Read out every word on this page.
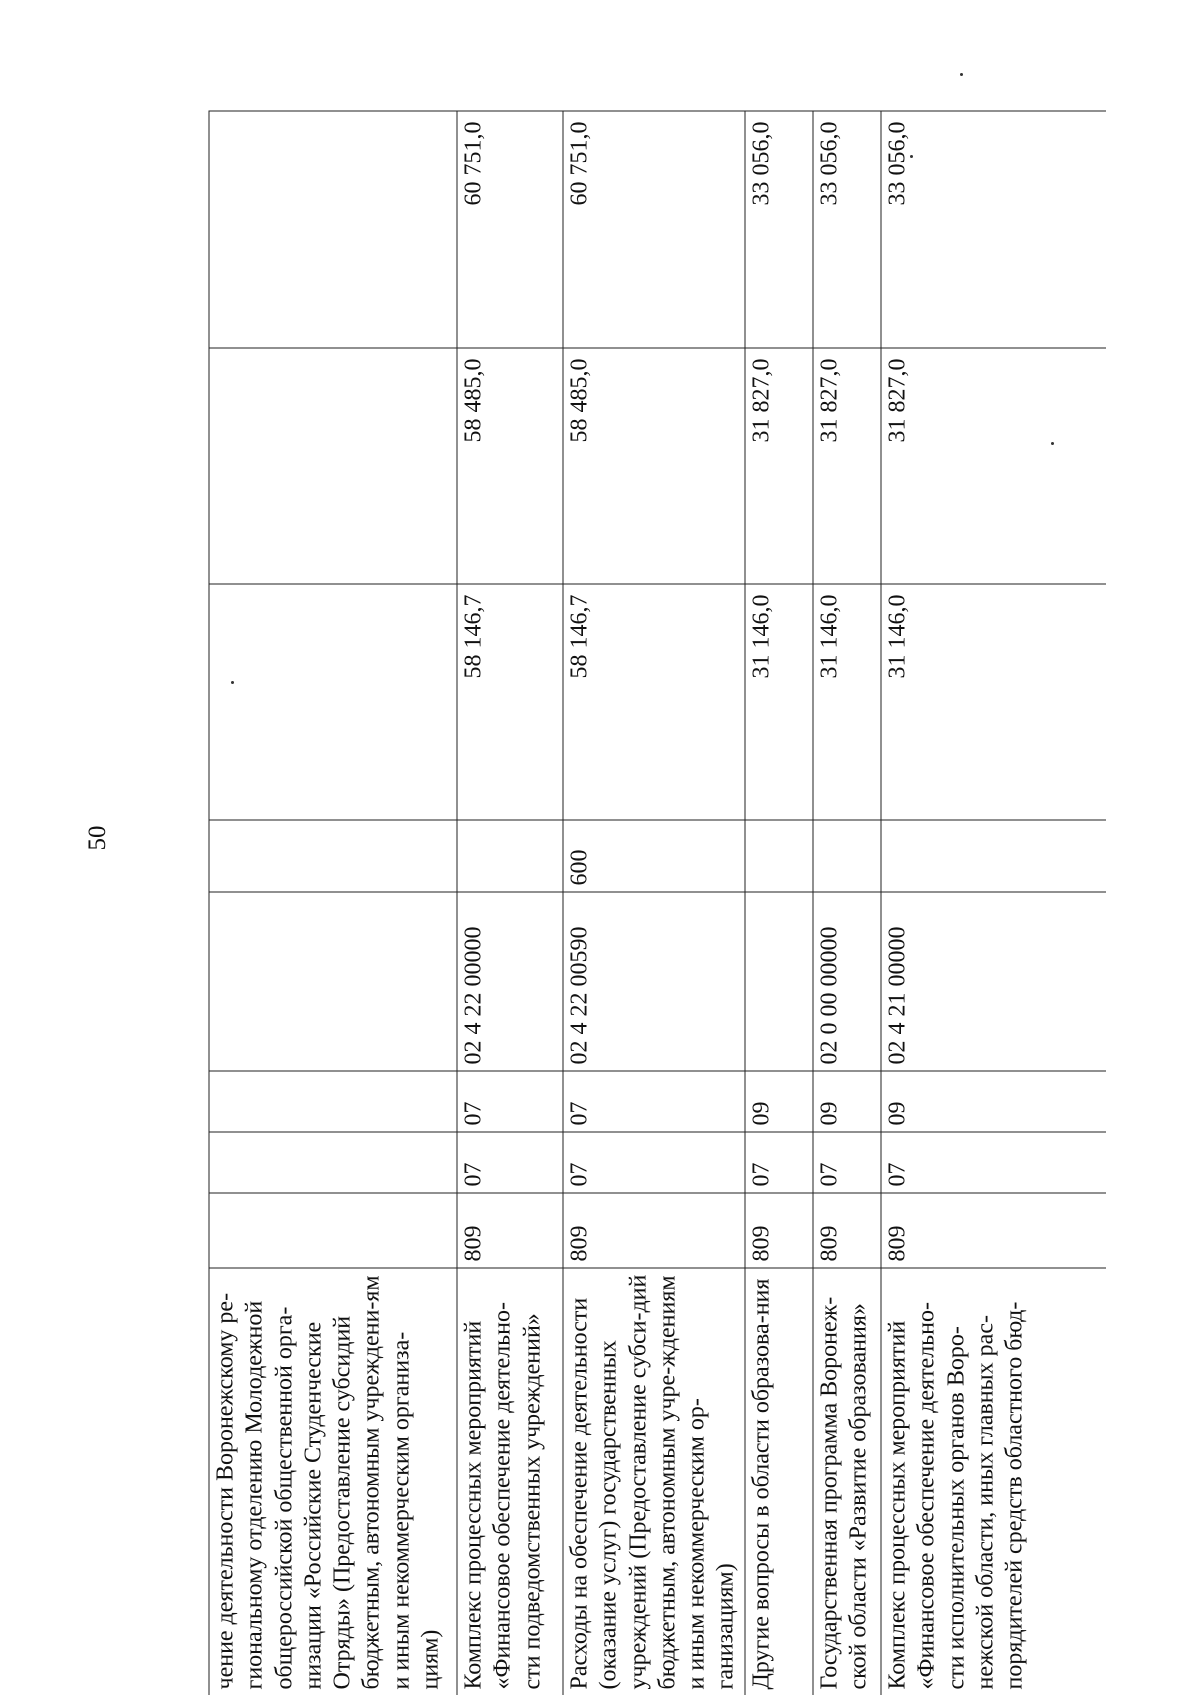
50
чение деятельности Воронежскому ре-гиональному отделению Молодежной общероссийской общественной орга-низации «Российские Студенческие Отряды» (Предоставление субсидий бюджетным, автономным учреждени-ям и иным некоммерческим организа-циям)								
Комплекс процессных мероприятий «Финансовое обеспечение деятельно-сти подведомственных учреждений»	809	07	07	02 4 22 00000		58 146,7	58 485,0	60 751,0
Расходы на обеспечение деятельности (оказание услуг) государственных учреждений (Предоставление субси-дий бюджетным, автономным учре-ждениям и иным некоммерческим ор-ганизациям)	809	07	07	02 4 22 00590	600	58 146,7	58 485,0	60 751,0
Другие вопросы в области образова-ния	809	07	09			31 146,0	31 827,0	33 056,0
Государственная программа Воронеж-ской области «Развитие образования»	809	07	09	02 0 00 00000		31 146,0	31 827,0	33 056,0
Комплекс процессных мероприятий «Финансовое обеспечение деятельно-сти исполнительных органов Воро-нежской области, иных главных рас-порядителей средств областного бюд-	809	07	09	02 4 21 00000		31 146,0	31 827,0	33 056,0
